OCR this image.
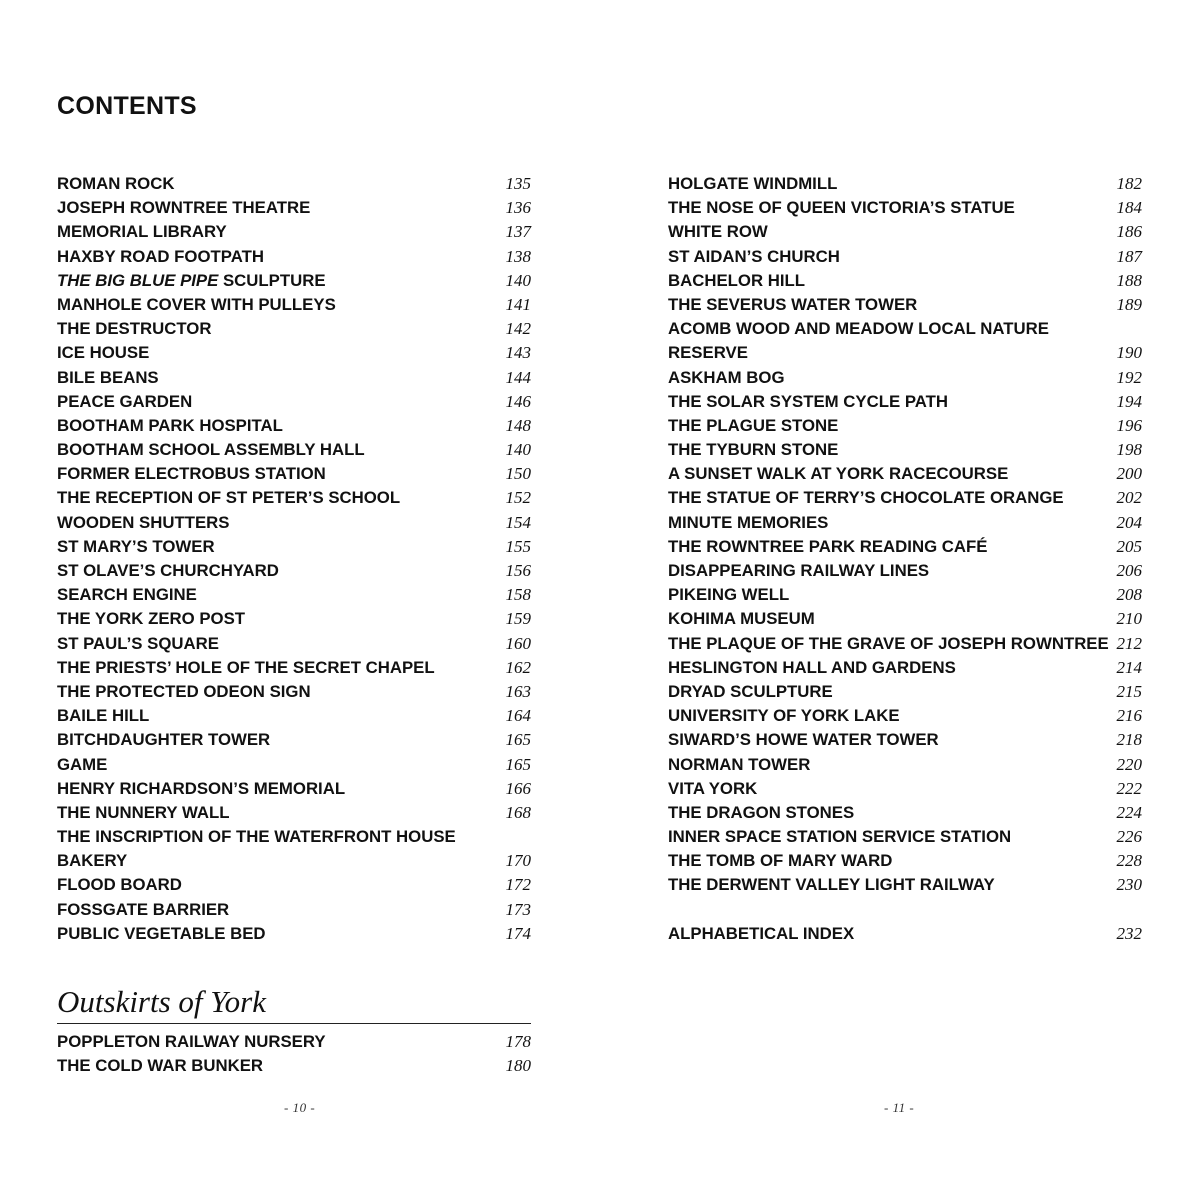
CONTENTS
ROMAN ROCK	135
JOSEPH ROWNTREE THEATRE	136
MEMORIAL LIBRARY	137
HAXBY ROAD FOOTPATH	138
THE BIG BLUE PIPE SCULPTURE	140
MANHOLE COVER WITH PULLEYS	141
THE DESTRUCTOR	142
ICE HOUSE	143
BILE BEANS	144
PEACE GARDEN	146
BOOTHAM PARK HOSPITAL	148
BOOTHAM SCHOOL ASSEMBLY HALL	140
FORMER ELECTROBUS STATION	150
THE RECEPTION OF ST PETER’S SCHOOL	152
WOODEN SHUTTERS	154
ST MARY’S TOWER	155
ST OLAVE’S CHURCHYARD	156
SEARCH ENGINE	158
THE YORK ZERO POST	159
ST PAUL’S SQUARE	160
THE PRIESTS’ HOLE OF THE SECRET CHAPEL	162
THE PROTECTED ODEON SIGN	163
BAILE HILL	164
BITCHDAUGHTER TOWER	165
GAME	165
HENRY RICHARDSON’S MEMORIAL	166
THE NUNNERY WALL	168
THE INSCRIPTION OF THE WATERFRONT HOUSE
BAKERY	170
FLOOD BOARD	172
FOSSGATE BARRIER	173
PUBLIC VEGETABLE BED	174
Outskirts of York
POPPLETON RAILWAY NURSERY	178
THE COLD WAR BUNKER	180
HOLGATE WINDMILL	182
THE NOSE OF QUEEN VICTORIA’S STATUE	184
WHITE ROW	186
ST AIDAN’S CHURCH	187
BACHELOR HILL	188
THE SEVERUS WATER TOWER	189
ACOMB WOOD AND MEADOW LOCAL NATURE
RESERVE	190
ASKHAM BOG	192
THE SOLAR SYSTEM CYCLE PATH	194
THE PLAGUE STONE	196
THE TYBURN STONE	198
A SUNSET WALK AT YORK RACECOURSE	200
THE STATUE OF TERRY’S CHOCOLATE ORANGE	202
MINUTE MEMORIES	204
THE ROWNTREE PARK READING CAFÉ	205
DISAPPEARING RAILWAY LINES	206
PIKEING WELL	208
KOHIMA MUSEUM	210
THE PLAQUE OF THE GRAVE OF JOSEPH ROWNTREE 212
HESLINGTON HALL AND GARDENS	214
DRYAD SCULPTURE	215
UNIVERSITY OF YORK LAKE	216
SIWARD’S HOWE WATER TOWER	218
NORMAN TOWER	220
VITA YORK	222
THE DRAGON STONES	224
INNER SPACE STATION SERVICE STATION	226
THE TOMB OF MARY WARD	228
THE DERWENT VALLEY LIGHT RAILWAY	230
ALPHABETICAL INDEX	232
- 10 -	- 11 -
